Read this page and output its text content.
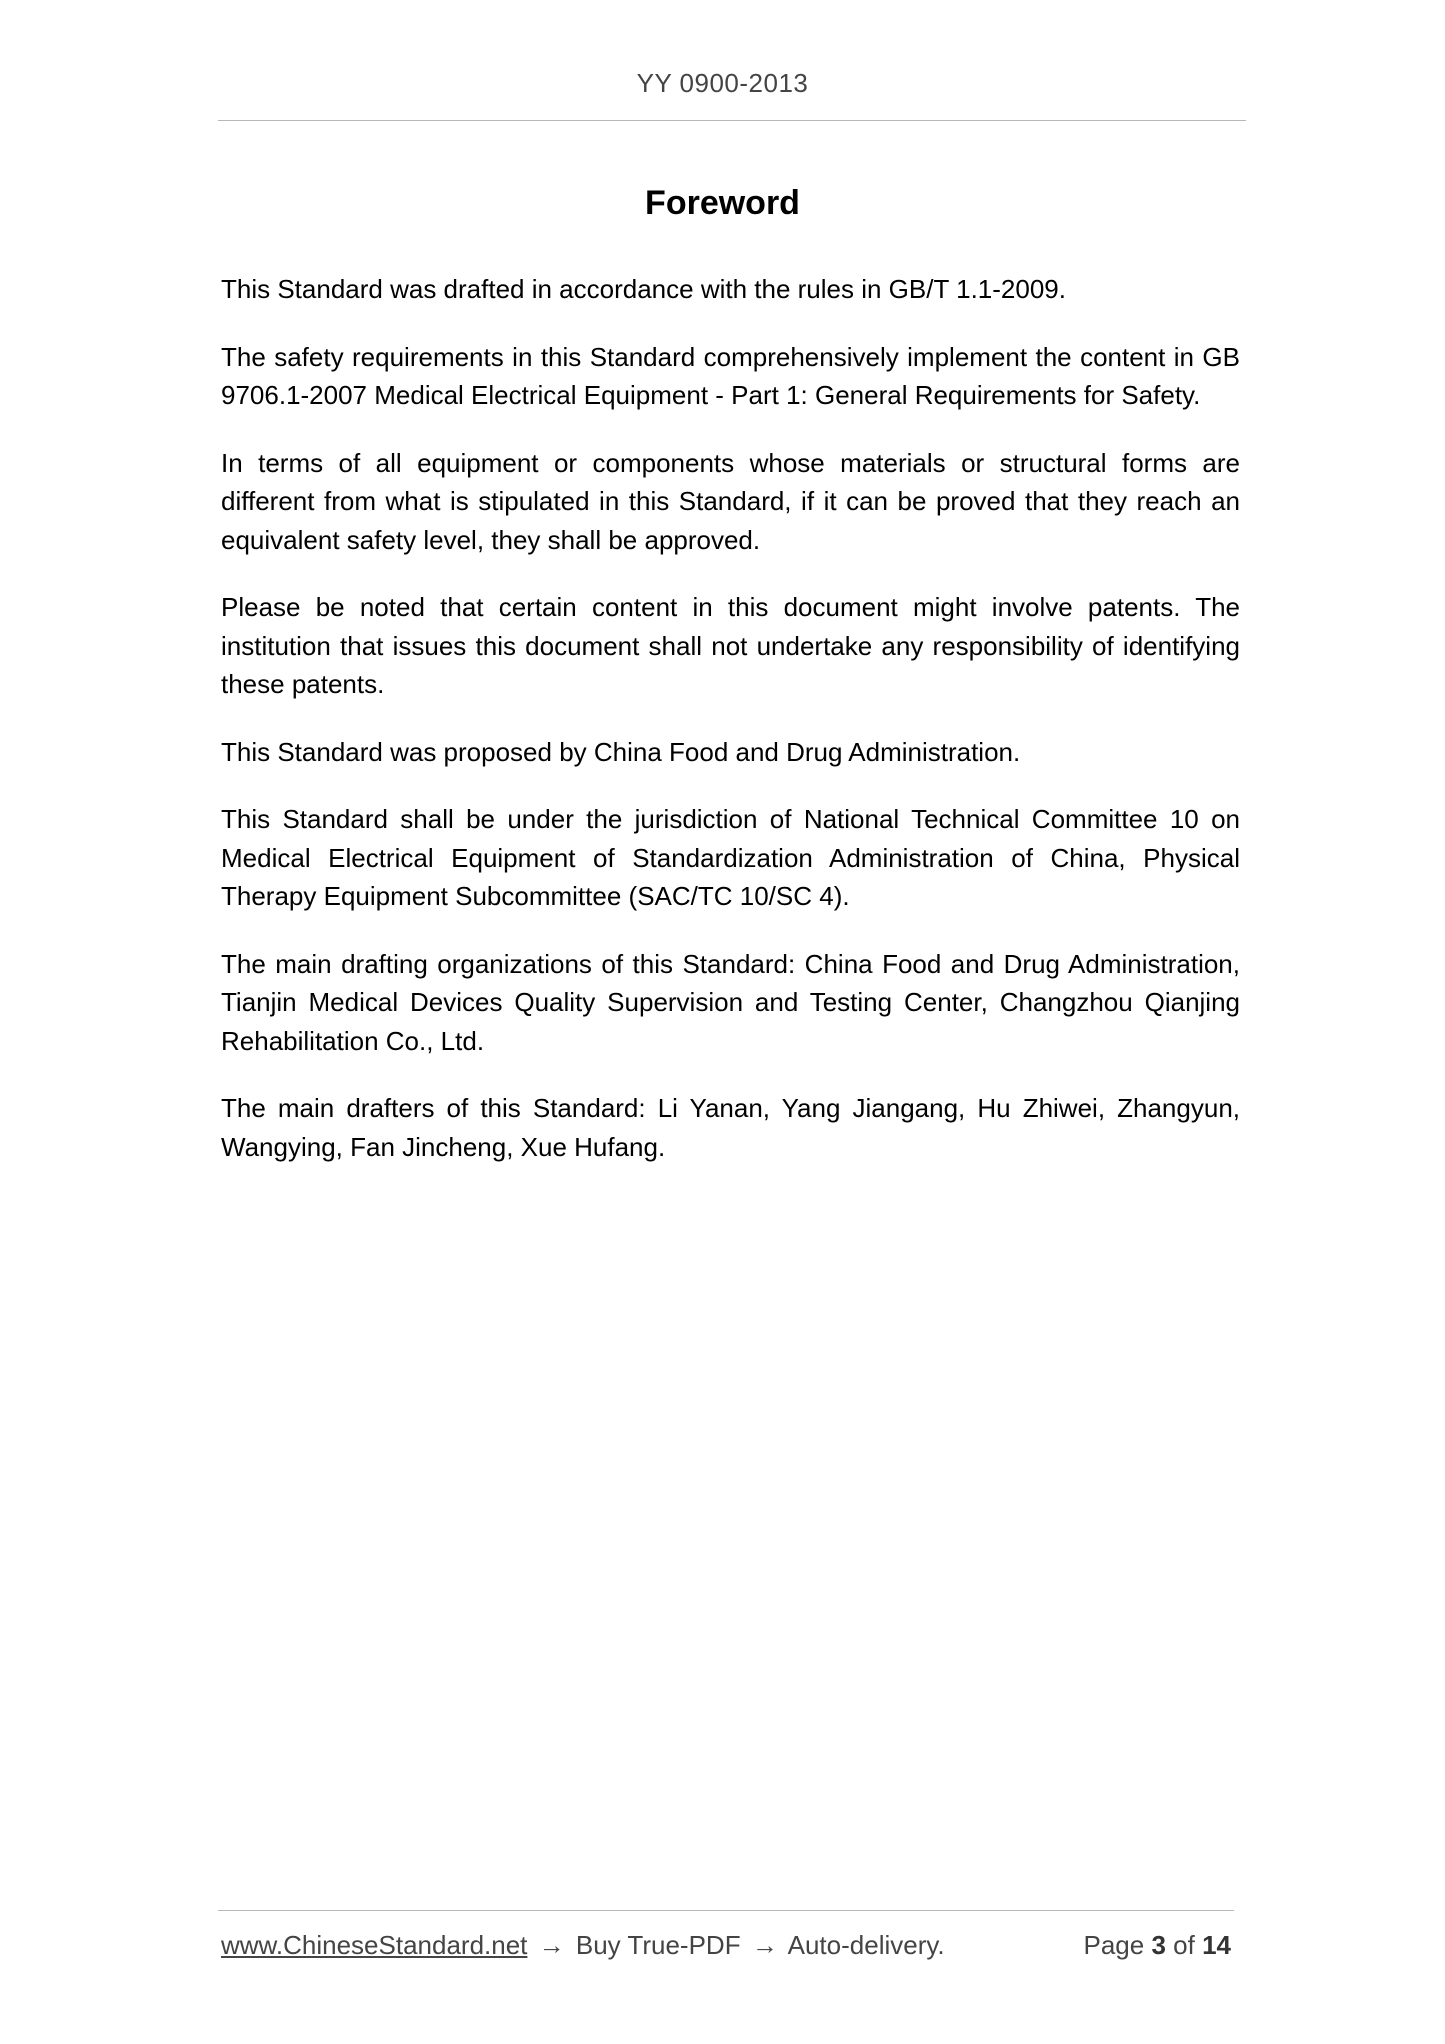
YY 0900-2013
Foreword

This Standard was drafted in accordance with the rules in GB/T 1.1-2009.

The safety requirements in this Standard comprehensively implement the content in GB 9706.1-2007 Medical Electrical Equipment - Part 1: General Requirements for Safety.

In terms of all equipment or components whose materials or structural forms are different from what is stipulated in this Standard, if it can be proved that they reach an equivalent safety level, they shall be approved.

Please be noted that certain content in this document might involve patents. The institution that issues this document shall not undertake any responsibility of identifying these patents.

This Standard was proposed by China Food and Drug Administration.

This Standard shall be under the jurisdiction of National Technical Committee 10 on Medical Electrical Equipment of Standardization Administration of China, Physical Therapy Equipment Subcommittee (SAC/TC 10/SC 4).

The main drafting organizations of this Standard: China Food and Drug Administration, Tianjin Medical Devices Quality Supervision and Testing Center, Changzhou Qianjing Rehabilitation Co., Ltd.

The main drafters of this Standard: Li Yanan, Yang Jiangang, Hu Zhiwei, Zhangyun, Wangying, Fan Jincheng, Xue Hufang.

www.ChineseStandard.net → Buy True-PDF → Auto-delivery.	Page 3 of 14
